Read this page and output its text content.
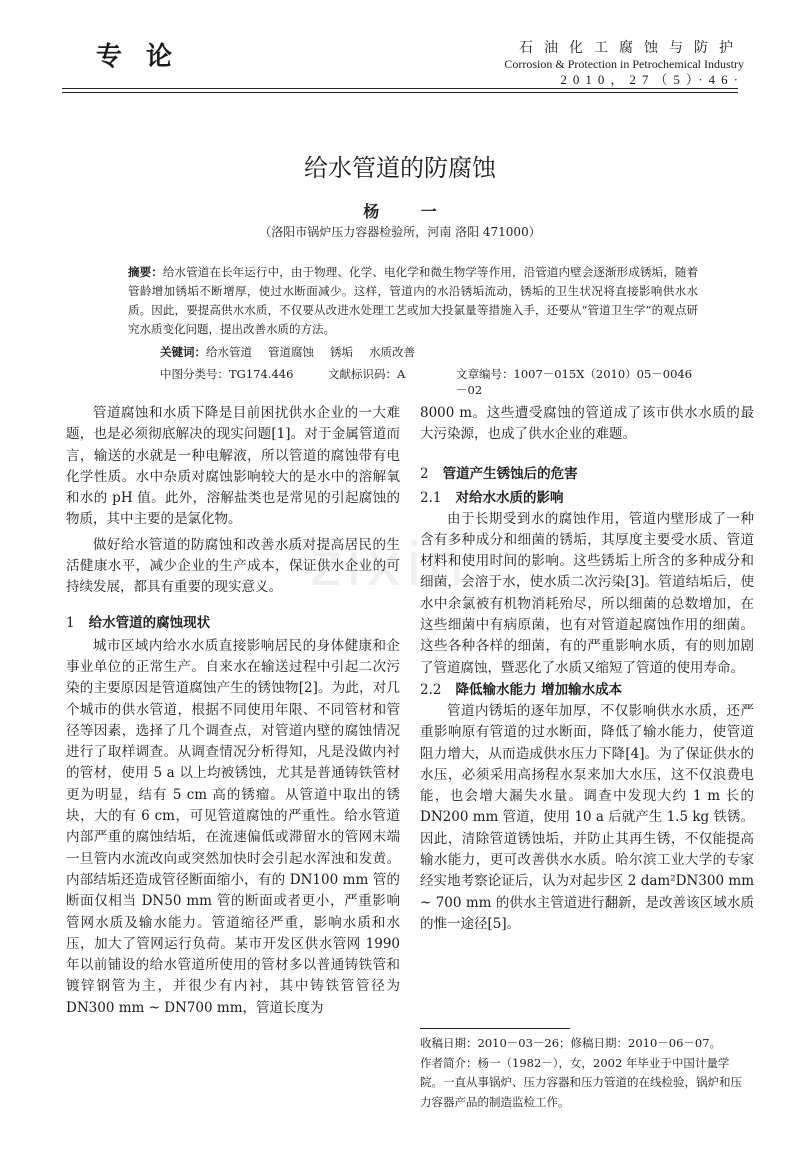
专论	石油化工腐蚀与防护
Corrosion & Protection in Petrochemical Industry
2010，27（5）·46·
zixin
给水管道的防腐蚀
杨 一
（洛阳市锅炉压力容器检验所，河南 洛阳 471000）
摘要：给水管道在长年运行中，由于物理、化学、电化学和微生物学等作用，沿管道内壁会逐渐形成锈垢，随着管龄增加锈垢不断增厚，使过水断面减少。这样，管道内的水沿锈垢流动，锈垢的卫生状况将直接影响供水水质。因此，要提高供水水质，不仅要从改进水处理工艺或加大投氯量等措施入手，还要从“管道卫生学”的观点研究水质变化问题，提出改善水质的方法。
关键词：给水管道 管道腐蚀 锈垢 水质改善
中图分类号：TG174.446	文献标识码：A	文章编号：1007－015X（2010）05－0046－02

管道腐蚀和水质下降是目前困扰供水企业的一大难题，也是必须彻底解决的现实问题[1]。对于金属管道而言，输送的水就是一种电解液，所以管道的腐蚀带有电化学性质。水中杂质对腐蚀影响较大的是水中的溶解氧和水的 pH 值。此外，溶解盐类也是常见的引起腐蚀的物质，其中主要的是氯化物。

做好给水管道的防腐蚀和改善水质对提高居民的生活健康水平，减少企业的生产成本，保证供水企业的可持续发展，都具有重要的现实意义。

1 给水管道的腐蚀现状

城市区域内给水水质直接影响居民的身体健康和企事业单位的正常生产。自来水在输送过程中引起二次污染的主要原因是管道腐蚀产生的锈蚀物[2]。为此，对几个城市的供水管道，根据不同使用年限、不同管材和管径等因素，选择了几个调查点，对管道内壁的腐蚀情况进行了取样调查。从调查情况分析得知，凡是没做内衬的管材，使用 5 a 以上均被锈蚀，尤其是普通铸铁管材更为明显，结有 5 cm 高的锈瘤。从管道中取出的锈块，大的有 6 cm，可见管道腐蚀的严重性。给水管道内部严重的腐蚀结垢，在流速偏低或滞留水的管网末端一旦管内水流改向或突然加快时会引起水浑浊和发黄。内部结垢还造成管径断面缩小，有的 DN100 mm 管的断面仅相当 DN50 mm 管的断面或者更小，严重影响管网水质及输水能力。管道缩径严重，影响水质和水压，加大了管网运行负荷。某市开发区供水管网 1990 年以前铺设的给水管道所使用的管材多以普通铸铁管和镀锌钢管为主，并很少有内衬，其中铸铁管管径为 DN300 mm ~ DN700 mm，管道长度为

8000 m。这些遭受腐蚀的管道成了该市供水水质的最大污染源，也成了供水企业的难题。

2 管道产生锈蚀后的危害
2.1 对给水水质的影响

由于长期受到水的腐蚀作用，管道内壁形成了一种含有多种成分和细菌的锈垢，其厚度主要受水质、管道材料和使用时间的影响。这些锈垢上所含的多种成分和细菌，会溶于水，使水质二次污染[3]。管道结垢后，使水中余氯被有机物消耗殆尽，所以细菌的总数增加，在这些细菌中有病原菌，也有对管道起腐蚀作用的细菌。这些各种各样的细菌，有的严重影响水质，有的则加剧了管道腐蚀，暨恶化了水质又缩短了管道的使用寿命。

2.2 降低输水能力 增加输水成本

管道内锈垢的逐年加厚，不仅影响供水水质，还严重影响原有管道的过水断面，降低了输水能力，使管道阻力增大，从而造成供水压力下降[4]。为了保证供水的水压，必须采用高扬程水泵来加大水压，这不仅浪费电能，也会增大漏失水量。调查中发现大约 1 m 长的 DN200 mm 管道，使用 10 a 后就产生 1.5 kg 铁锈。因此，清除管道锈蚀垢，并防止其再生锈，不仅能提高输水能力，更可改善供水水质。哈尔滨工业大学的专家经实地考察论证后，认为对起步区 2 dam²DN300 mm ~ 700 mm 的供水主管道进行翻新，是改善该区域水质的惟一途径[5]。

收稿日期：2010－03－26；修稿日期：2010－06－07。
作者简介：杨一（1982－），女，2002 年毕业于中国计量学院。一直从事锅炉、压力容器和压力管道的在线检验，锅炉和压力容器产品的制造监检工作。
